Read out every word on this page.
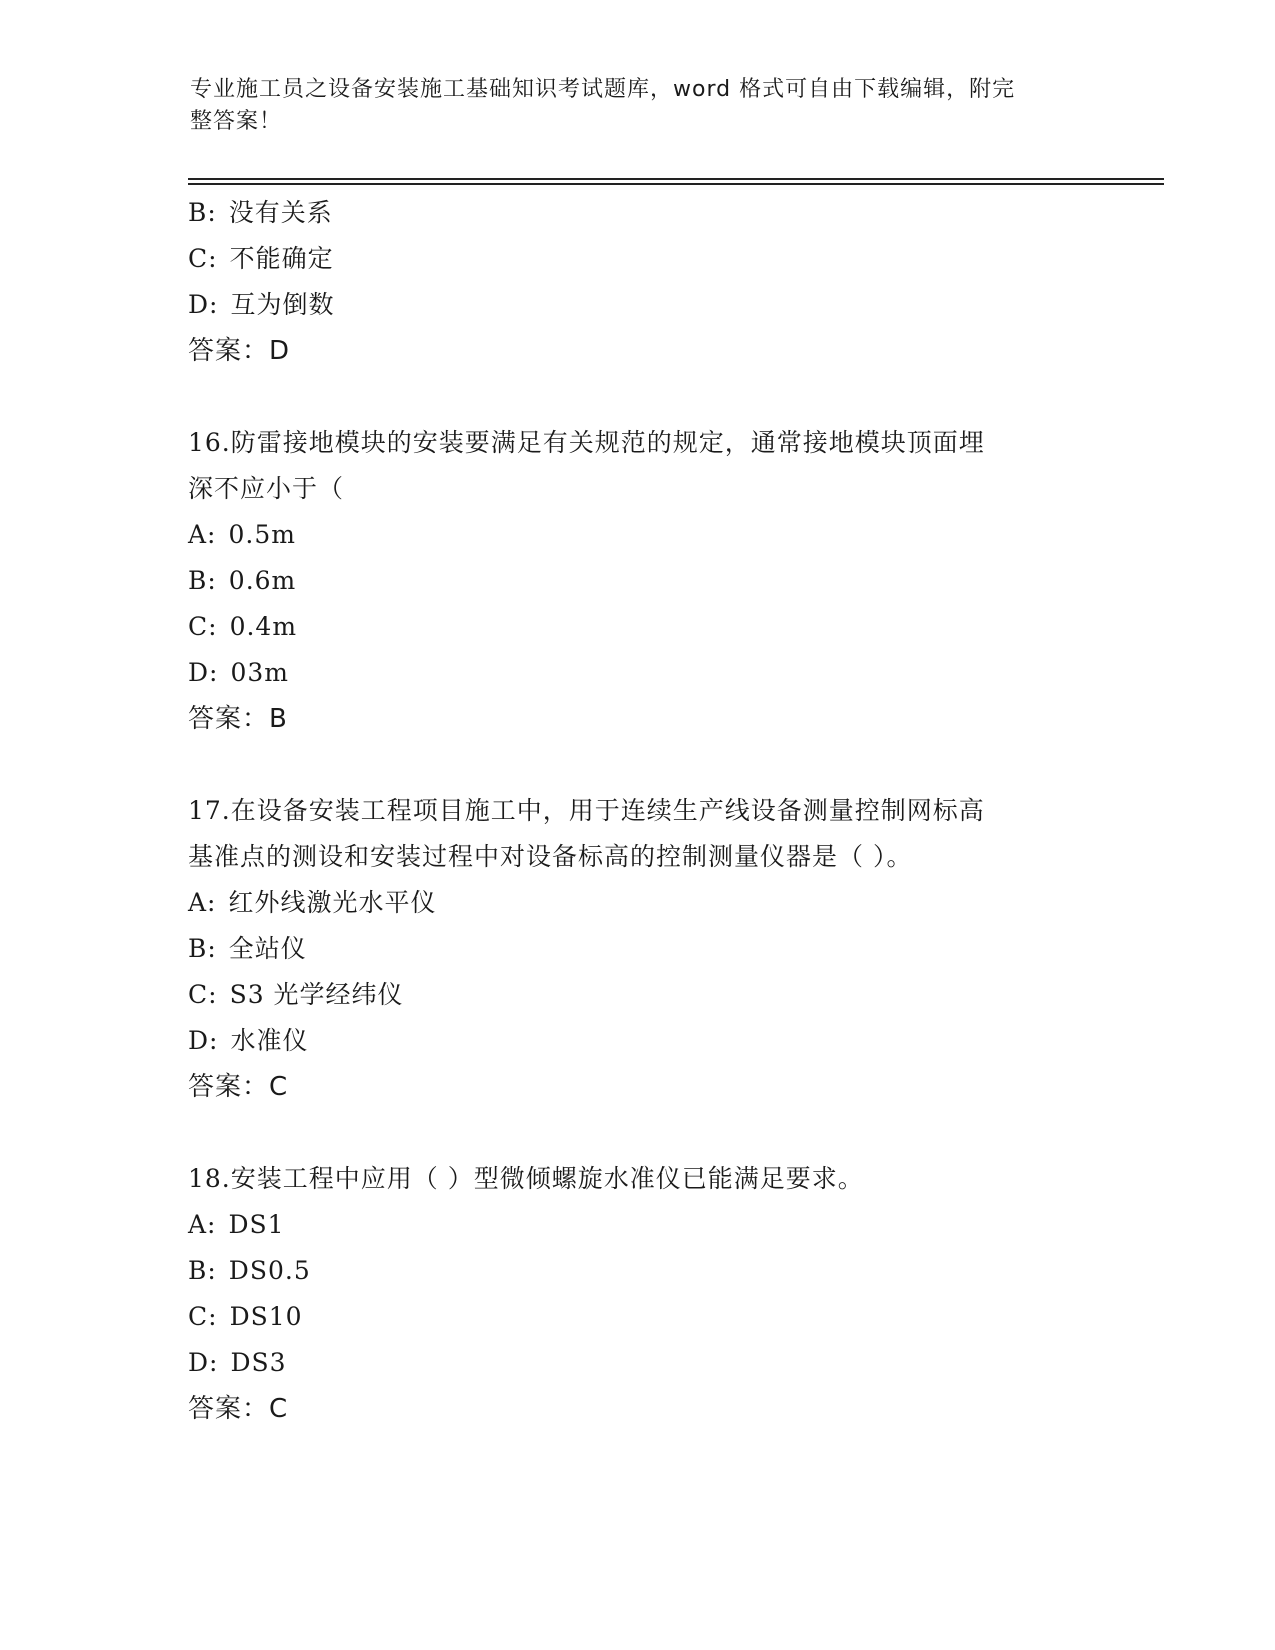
专业施工员之设备安装施工基础知识考试题库，word 格式可自由下载编辑，附完
整答案！
B: 没有关系
C: 不能确定
D: 互为倒数
答案：D
16.防雷接地模块的安装要满足有关规范的规定，通常接地模块顶面埋
深不应小于（
A: 0.5m
B: 0.6m
C: 0.4m
D: 03m
答案：B
17.在设备安装工程项目施工中，用于连续生产线设备测量控制网标高
基准点的测设和安装过程中对设备标高的控制测量仪器是（ ）。
A: 红外线激光水平仪
B: 全站仪
C: S3 光学经纬仪
D: 水准仪
答案：C
18.安装工程中应用（ ）型微倾螺旋水准仪已能满足要求。
A: DS1
B: DS0.5
C: DS10
D: DS3
答案：C
